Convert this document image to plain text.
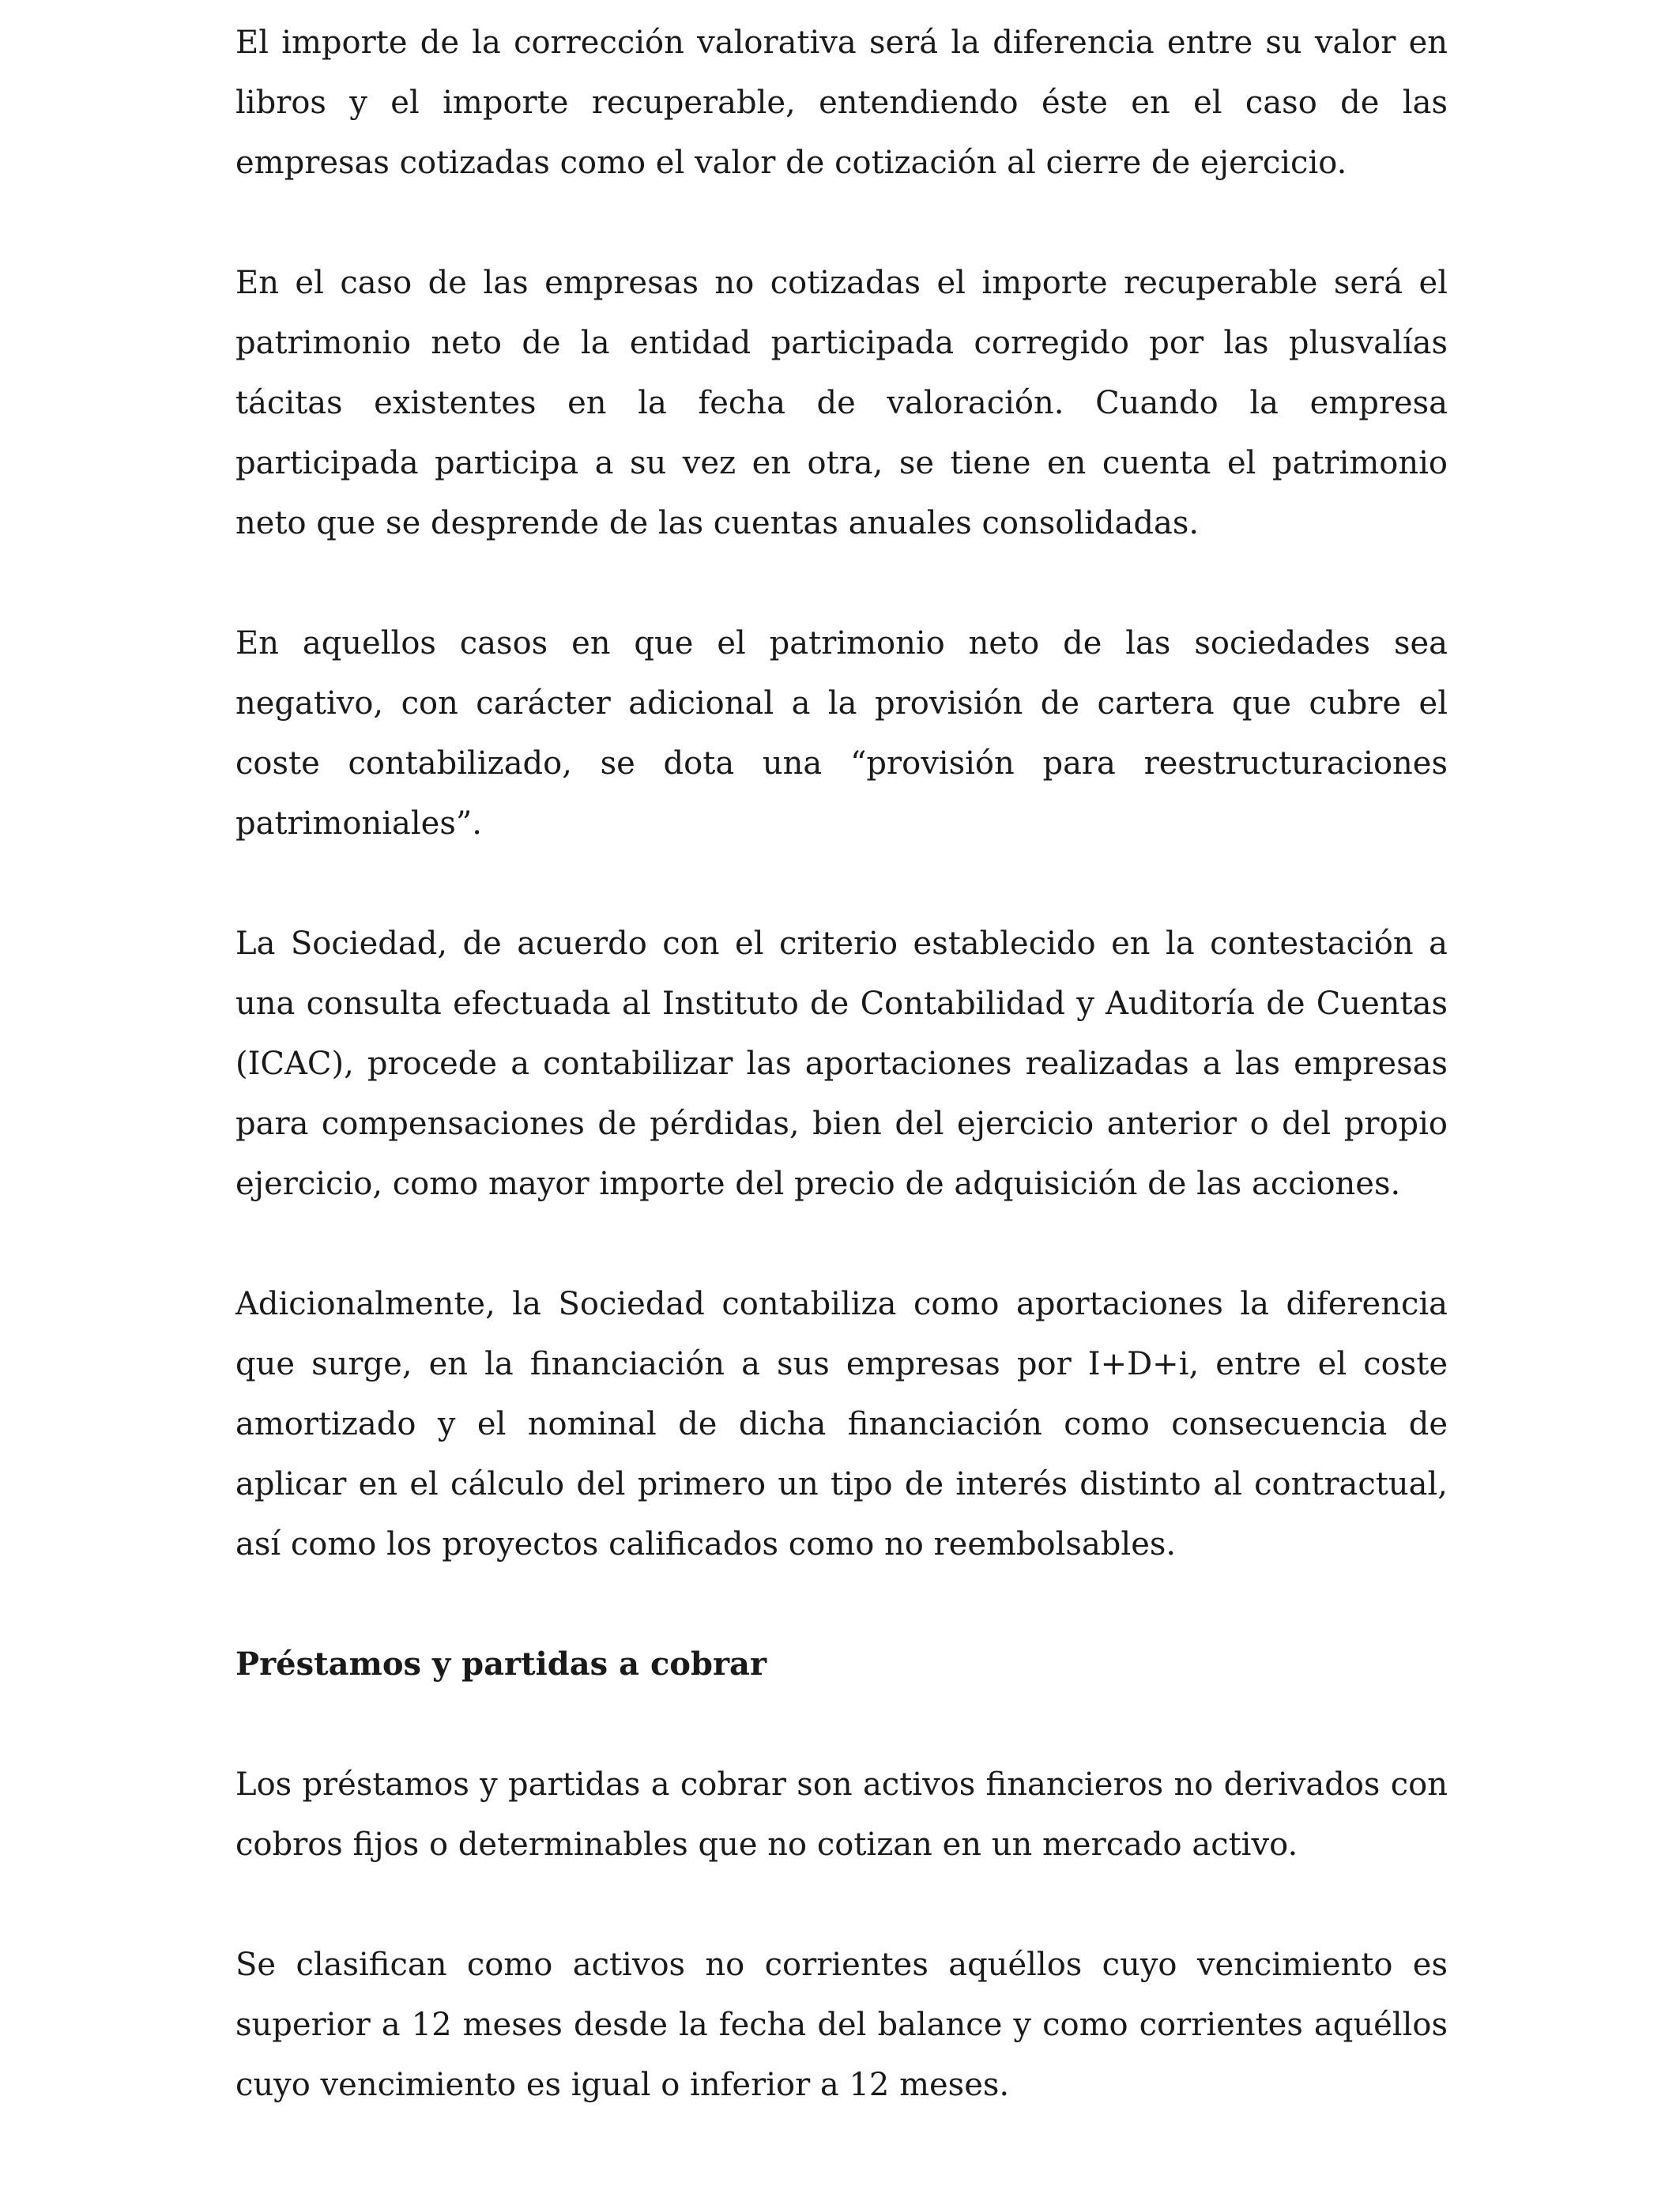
El importe de la corrección valorativa será la diferencia entre su valor en libros y el importe recuperable, entendiendo éste en el caso de las empresas cotizadas como el valor de cotización al cierre de ejercicio.

En el caso de las empresas no cotizadas el importe recuperable será el patrimonio neto de la entidad participada corregido por las plusvalías tácitas existentes en la fecha de valoración. Cuando la empresa participada participa a su vez en otra, se tiene en cuenta el patrimonio neto que se desprende de las cuentas anuales consolidadas.

En aquellos casos en que el patrimonio neto de las sociedades sea negativo, con carácter adicional a la provisión de cartera que cubre el coste contabilizado, se dota una “provisión para reestructuraciones patrimoniales”.

La Sociedad, de acuerdo con el criterio establecido en la contestación a una consulta efectuada al Instituto de Contabilidad y Auditoría de Cuentas (ICAC), procede a contabilizar las aportaciones realizadas a las empresas para compensaciones de pérdidas, bien del ejercicio anterior o del propio ejercicio, como mayor importe del precio de adquisición de las acciones.

Adicionalmente, la Sociedad contabiliza como aportaciones la diferencia que surge, en la financiación a sus empresas por I+D+i, entre el coste amortizado y el nominal de dicha financiación como consecuencia de aplicar en el cálculo del primero un tipo de interés distinto al contractual, así como los proyectos calificados como no reembolsables.

Préstamos y partidas a cobrar

Los préstamos y partidas a cobrar son activos financieros no derivados con cobros fijos o determinables que no cotizan en un mercado activo.

Se clasifican como activos no corrientes aquéllos cuyo vencimiento es superior a 12 meses desde la fecha del balance y como corrientes aquéllos cuyo vencimiento es igual o inferior a 12 meses.
